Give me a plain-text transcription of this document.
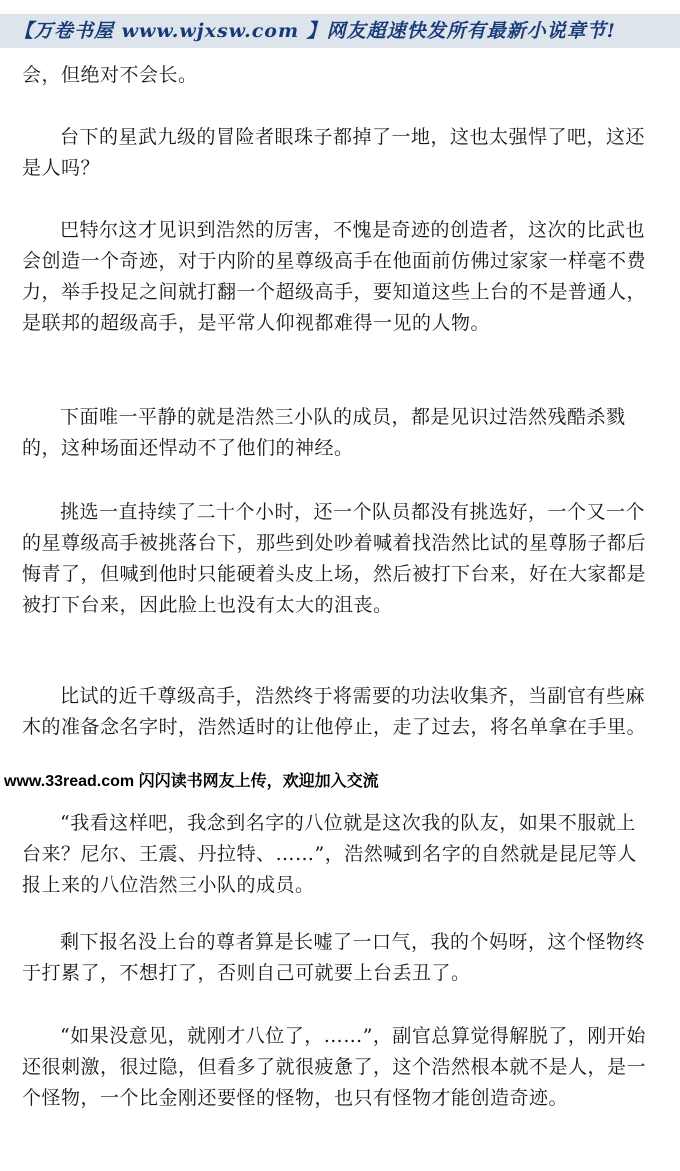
【万卷书屋 www.wjxsw.com 】网友超速快发所有最新小说章节!

会，但绝对不会长。

台下的星武九级的冒险者眼珠子都掉了一地，这也太强悍了吧，这还是人吗？

巴特尔这才见识到浩然的厉害，不愧是奇迹的创造者，这次的比武也会创造一个奇迹，对于内阶的星尊级高手在他面前仿佛过家家一样毫不费力，举手投足之间就打翻一个超级高手，要知道这些上台的不是普通人，是联邦的超级高手，是平常人仰视都难得一见的人物。

下面唯一平静的就是浩然三小队的成员，都是见识过浩然残酷杀戮的，这种场面还悍动不了他们的神经。

挑选一直持续了二十个小时，还一个队员都没有挑选好，一个又一个的星尊级高手被挑落台下，那些到处吵着喊着找浩然比试的星尊肠子都后悔青了，但喊到他时只能硬着头皮上场，然后被打下台来，好在大家都是被打下台来，因此脸上也没有太大的沮丧。

比试的近千尊级高手，浩然终于将需要的功法收集齐，当副官有些麻木的准备念名字时，浩然适时的让他停止，走了过去，将名单拿在手里。

www.33read.com 闪闪读书网友上传，欢迎加入交流

“我看这样吧，我念到名字的八位就是这次我的队友，如果不服就上台来？尼尔、王震、丹拉特、……”，浩然喊到名字的自然就是昆尼等人报上来的八位浩然三小队的成员。

剩下报名没上台的尊者算是长嘘了一口气，我的个妈呀，这个怪物终于打累了，不想打了，否则自己可就要上台丢丑了。

“如果没意见，就刚才八位了，……”，副官总算觉得解脱了，刚开始还很刺激，很过隐，但看多了就很疲惫了，这个浩然根本就不是人，是一个怪物，一个比金刚还要怪的怪物，也只有怪物才能创造奇迹。
